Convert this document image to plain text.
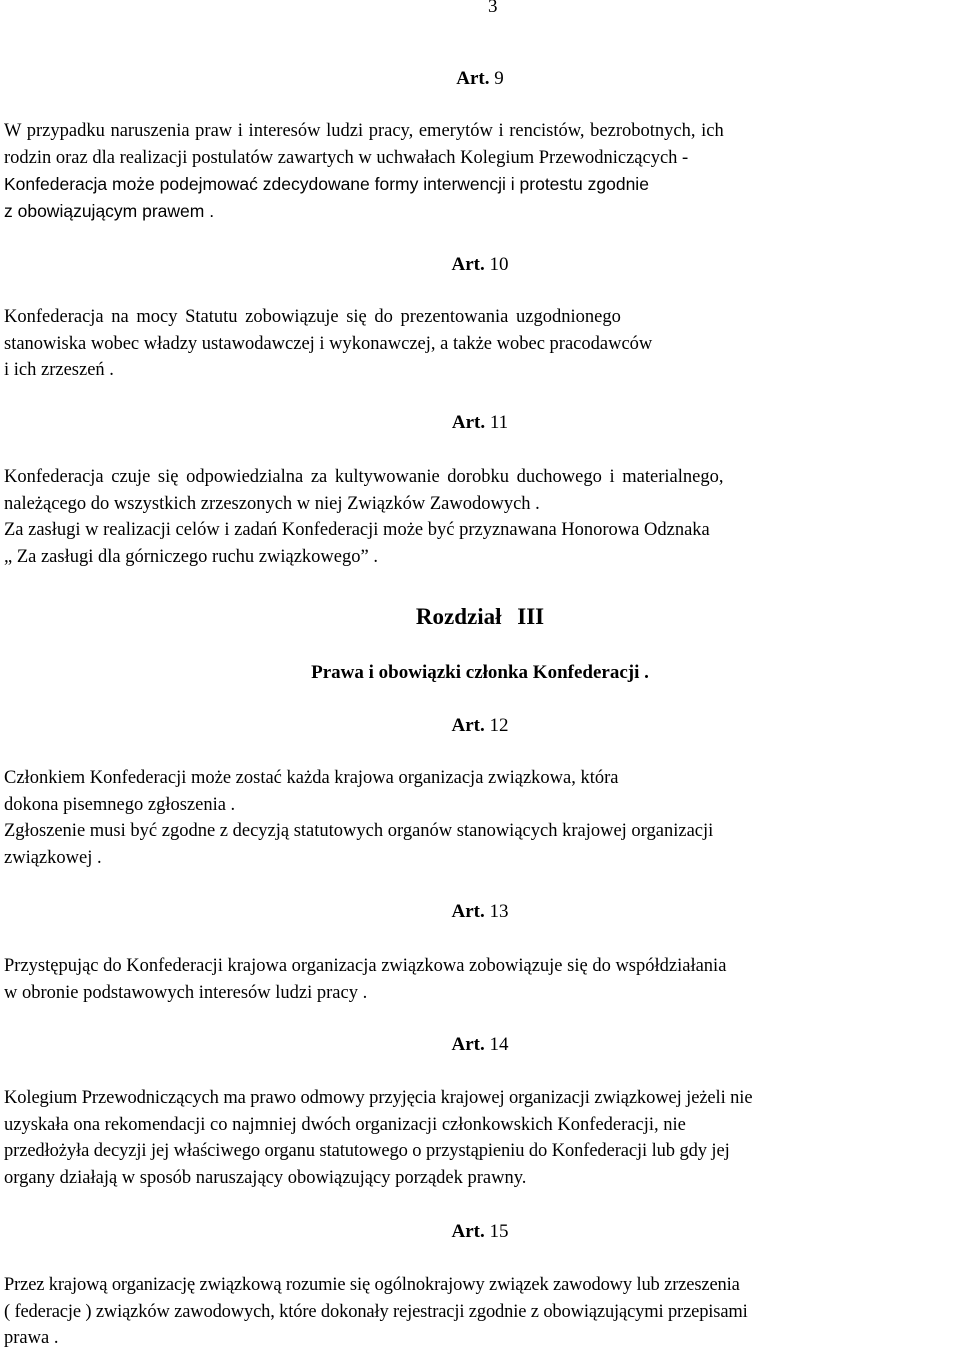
3
Art. 9
W przypadku naruszenia praw i interesów ludzi pracy, emerytów i rencistów, bezrobotnych, ich
rodzin oraz dla realizacji postulatów zawartych w uchwałach Kolegium Przewodniczących -
Konfederacja może podejmować zdecydowane formy interwencji i protestu zgodnie
z obowiązującym prawem .
Art. 10
Konfederacja na mocy Statutu zobowiązuje się do prezentowania uzgodnionego
stanowiska wobec władzy ustawodawczej i wykonawczej, a także wobec pracodawców
i ich zrzeszeń .
Art. 11
Konfederacja czuje się odpowiedzialna za kultywowanie dorobku duchowego i materialnego,
należącego do wszystkich zrzeszonych w niej Związków Zawodowych .
Za zasługi w realizacji celów i zadań Konfederacji może być przyznawana Honorowa Odznaka
„ Za zasługi dla górniczego ruchu związkowego” .
Rozdział III
Prawa i obowiązki członka Konfederacji .
Art. 12
Członkiem Konfederacji może zostać każda krajowa organizacja związkowa, która
dokona pisemnego zgłoszenia .
Zgłoszenie musi być zgodne z decyzją statutowych organów stanowiących krajowej organizacji
związkowej .
Art. 13
Przystępując do Konfederacji krajowa organizacja związkowa zobowiązuje się do współdziałania
w obronie podstawowych interesów ludzi pracy .
Art. 14
Kolegium Przewodniczących ma prawo odmowy przyjęcia krajowej organizacji związkowej jeżeli nie
uzyskała ona rekomendacji co najmniej dwóch organizacji członkowskich Konfederacji, nie
przedłożyła decyzji jej właściwego organu statutowego o przystąpieniu do Konfederacji lub gdy jej
organy działają w sposób naruszający obowiązujący porządek prawny.
Art. 15
Przez krajową organizację związkową rozumie się ogólnokrajowy związek zawodowy lub zrzeszenia
( federacje ) związków zawodowych, które dokonały rejestracji zgodnie z obowiązującymi przepisami
prawa .
